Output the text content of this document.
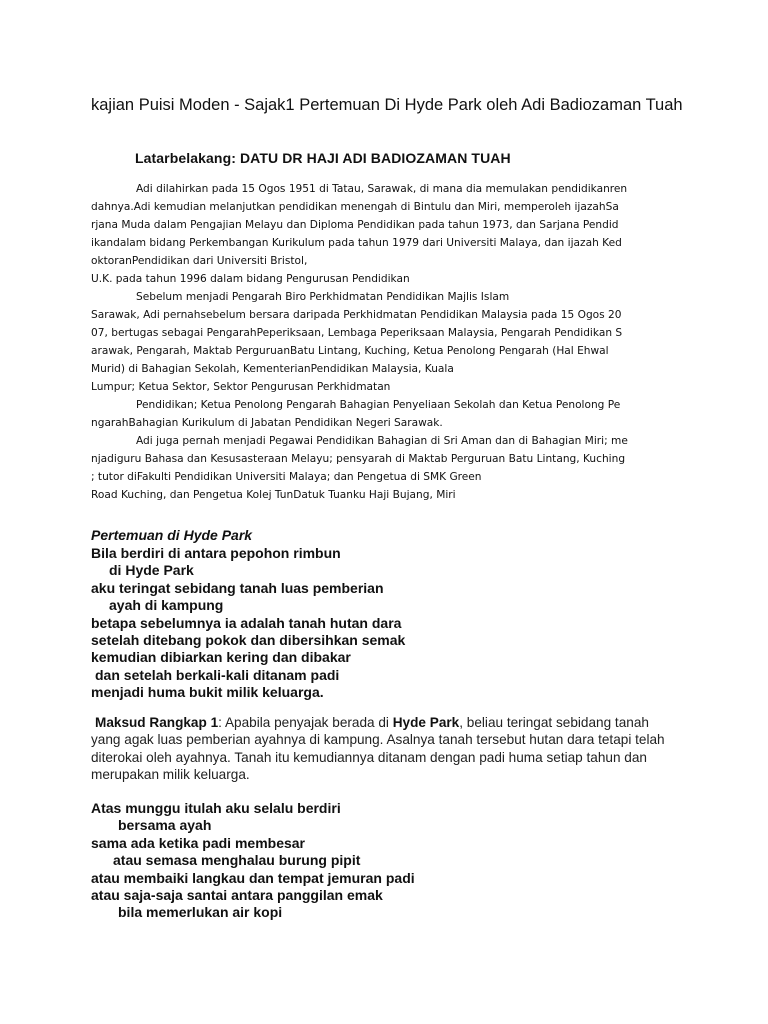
kajian Puisi Moden - Sajak1 Pertemuan Di Hyde Park oleh Adi Badiozaman Tuah
Latarbelakang: DATU DR HAJI ADI BADIOZAMAN TUAH
Adi dilahirkan pada 15 Ogos 1951 di Tatau, Sarawak, di mana dia memulakan pendidikanren
dahnya.Adi kemudian melanjutkan pendidikan menengah di Bintulu dan Miri, memperoleh ijazahSa
rjana Muda dalam Pengajian Melayu dan Diploma Pendidikan pada tahun 1973, dan Sarjana Pendid
ikandalam bidang Perkembangan Kurikulum pada tahun 1979 dari Universiti Malaya, dan ijazah Ked
oktoranPendidikan dari Universiti Bristol,
U.K. pada tahun 1996 dalam bidang Pengurusan Pendidikan
Sebelum menjadi Pengarah Biro Perkhidmatan Pendidikan Majlis Islam
Sarawak, Adi pernahsebelum bersara daripada Perkhidmatan Pendidikan Malaysia pada 15 Ogos 20
07, bertugas sebagai PengarahPeperiksaan, Lembaga Peperiksaan Malaysia, Pengarah Pendidikan S
arawak, Pengarah, Maktab PerguruanBatu Lintang, Kuching, Ketua Penolong Pengarah (Hal Ehwal
Murid) di Bahagian Sekolah, KementerianPendidikan Malaysia, Kuala
Lumpur; Ketua Sektor, Sektor Pengurusan Perkhidmatan
Pendidikan; Ketua Penolong Pengarah Bahagian Penyeliaan Sekolah dan Ketua Penolong Pe
ngarahBahagian Kurikulum di Jabatan Pendidikan Negeri Sarawak.
Adi juga pernah menjadi Pegawai Pendidikan Bahagian di Sri Aman dan di Bahagian Miri; me
njadiguru Bahasa dan Kesusasteraan Melayu; pensyarah di Maktab Perguruan Batu Lintang, Kuching
; tutor diFakulti Pendidikan Universiti Malaya; dan Pengetua di SMK Green
Road Kuching, dan Pengetua Kolej TunDatuk Tuanku Haji Bujang, Miri
Pertemuan di Hyde Park
Bila berdiri di antara pepohon rimbun
di Hyde Park
aku teringat sebidang tanah luas pemberian
ayah di kampung
betapa sebelumnya ia adalah tanah hutan dara
setelah ditebang pokok dan dibersihkan semak
kemudian dibiarkan kering dan dibakar
dan setelah berkali-kali ditanam padi
menjadi huma bukit milik keluarga.
Maksud Rangkap 1: Apabila penyajak berada di Hyde Park, beliau teringat sebidang tanah yang agak luas pemberian ayahnya di kampung. Asalnya tanah tersebut hutan dara tetapi telah diterokai oleh ayahnya. Tanah itu kemudiannya ditanam dengan padi huma setiap tahun dan merupakan milik keluarga.
Atas munggu itulah aku selalu berdiri
bersama ayah
sama ada ketika padi membesar
atau semasa menghalau burung pipit
atau membaiki langkau dan tempat jemuran padi
atau saja-saja santai antara panggilan emak
bila memerlukan air kopi
